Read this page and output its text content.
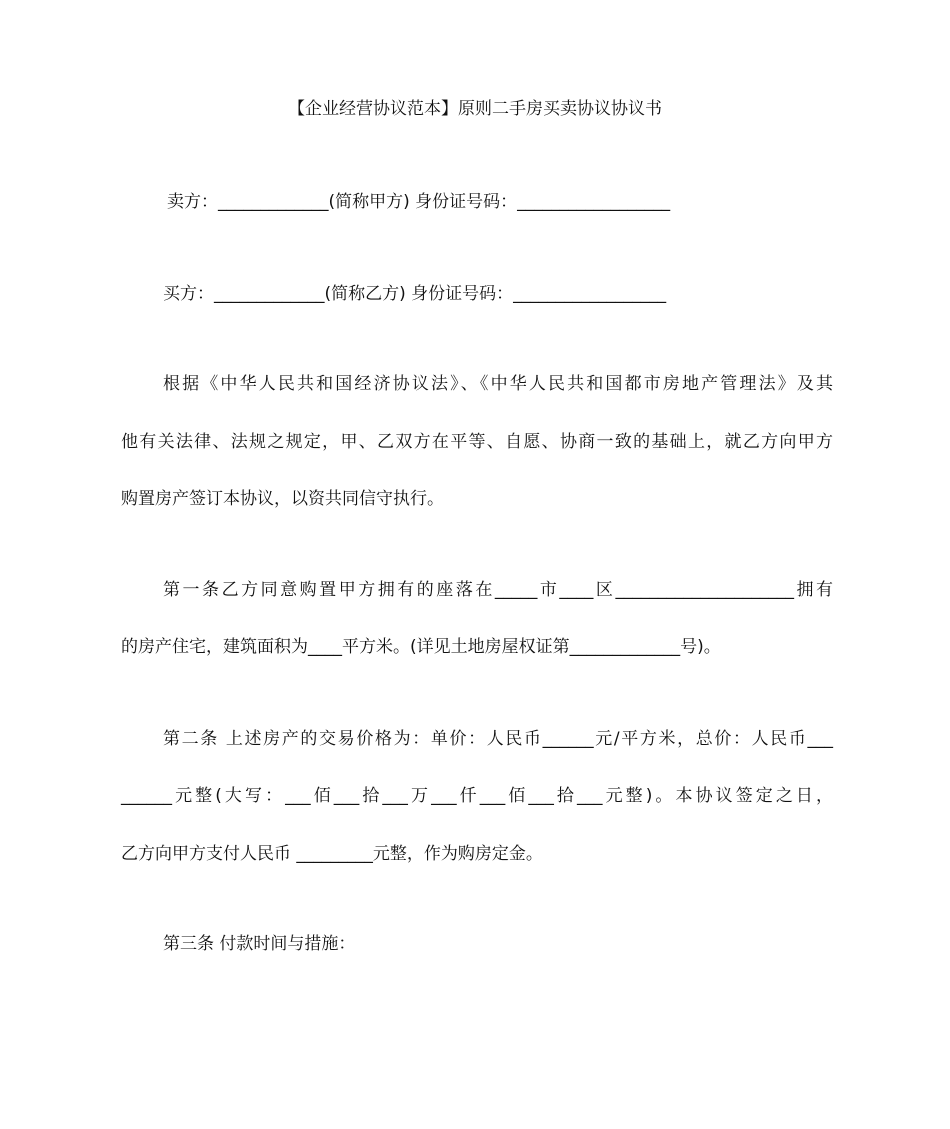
【企业经营协议范本】原则二手房买卖协议协议书
卖方：_____________(简称甲方) 身份证号码：__________________
买方：_____________(简称乙方) 身份证号码：__________________
根据《中华人民共和国经济协议法》、《中华人民共和国都市房地产管理法》及其
他有关法律、法规之规定，甲、乙双方在平等、自愿、协商一致的基础上，就乙方向甲方
购置房产签订本协议，以资共同信守执行。
第一条乙方同意购置甲方拥有的座落在_____市____区_____________________拥有
的房产住宅，建筑面积为____平方米。(详见土地房屋权证第_____________号)。
第二条 上述房产的交易价格为：单价：人民币______元/平方米，总价：人民币___
______元整(大写：___佰___拾___万___仟___佰___拾___元整)。本协议签定之日，
乙方向甲方支付人民币 _________元整，作为购房定金。
第三条 付款时间与措施：
